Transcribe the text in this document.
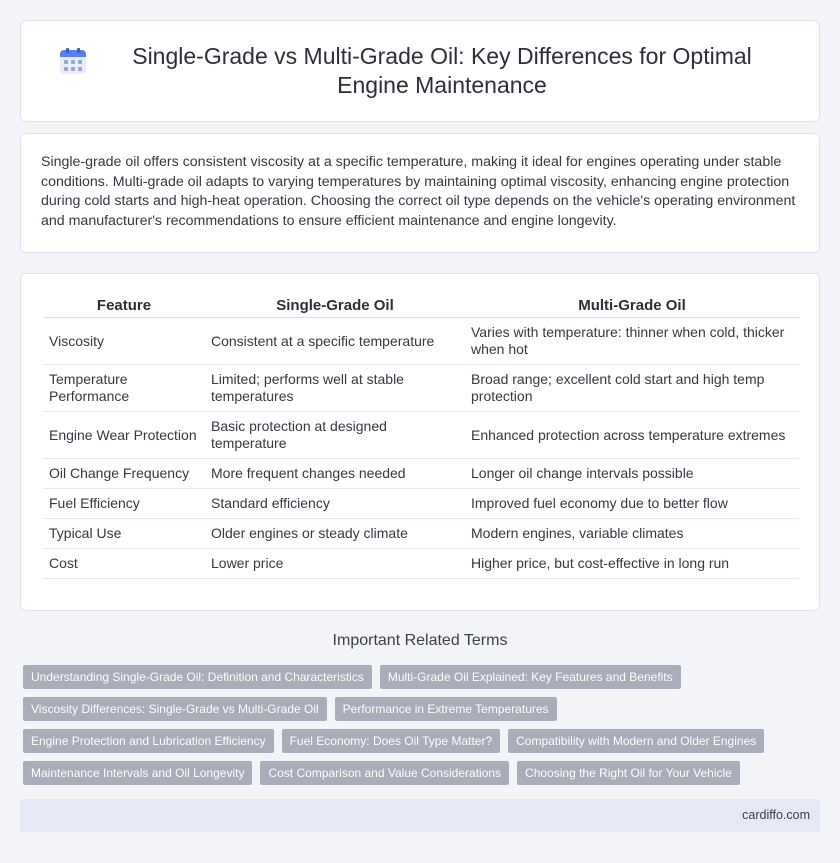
Single-Grade vs Multi-Grade Oil: Key Differences for Optimal Engine Maintenance

Single-grade oil offers consistent viscosity at a specific temperature, making it ideal for engines operating under stable conditions. Multi-grade oil adapts to varying temperatures by maintaining optimal viscosity, enhancing engine protection during cold starts and high-heat operation. Choosing the correct oil type depends on the vehicle's operating environment and manufacturer's recommendations to ensure efficient maintenance and engine longevity.

Feature	Single-Grade Oil	Multi-Grade Oil
Viscosity	Consistent at a specific temperature	Varies with temperature: thinner when cold, thicker when hot
Temperature Performance	Limited; performs well at stable temperatures	Broad range; excellent cold start and high temp protection
Engine Wear Protection	Basic protection at designed temperature	Enhanced protection across temperature extremes
Oil Change Frequency	More frequent changes needed	Longer oil change intervals possible
Fuel Efficiency	Standard efficiency	Improved fuel economy due to better flow
Typical Use	Older engines or steady climate	Modern engines, variable climates
Cost	Lower price	Higher price, but cost-effective in long run
Important Related Terms
Understanding Single-Grade Oil: Definition and Characteristics	Multi-Grade Oil Explained: Key Features and Benefits
Viscosity Differences: Single-Grade vs Multi-Grade Oil	Performance in Extreme Temperatures
Engine Protection and Lubrication Efficiency	Fuel Economy: Does Oil Type Matter?	Compatibility with Modern and Older Engines
Maintenance Intervals and Oil Longevity	Cost Comparison and Value Considerations	Choosing the Right Oil for Your Vehicle
cardiffo.com
